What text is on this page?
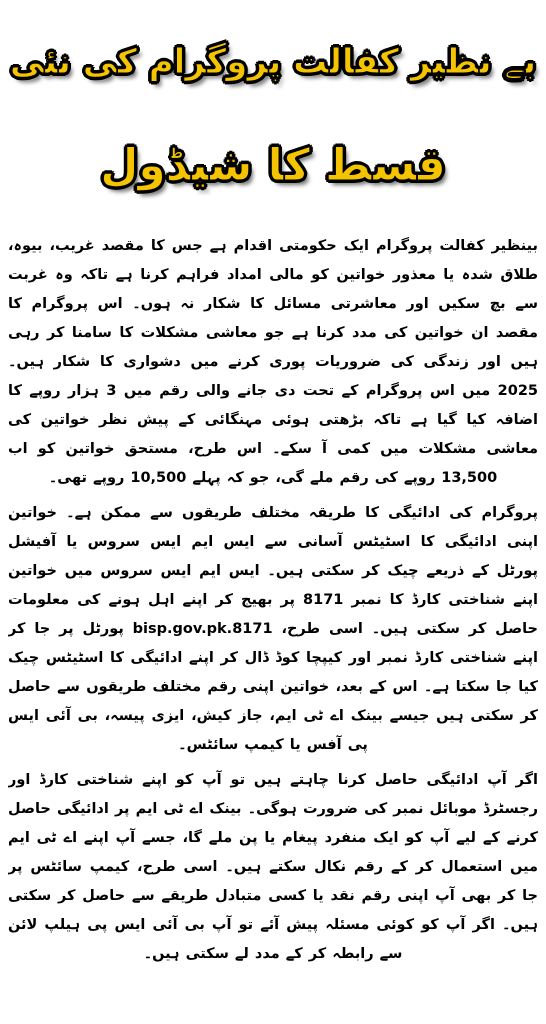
بے نظیر کفالت پروگرام کی نئی
قسط کا شیڈول

بینظیر کفالت پروگرام ایک حکومتی اقدام ہے جس کا مقصد غریب، بیوہ، طلاق شدہ یا معذور خواتین کو مالی امداد فراہم کرنا ہے تاکہ وہ غربت سے بچ سکیں اور معاشرتی مسائل کا شکار نہ ہوں۔ اس پروگرام کا مقصد ان خواتین کی مدد کرنا ہے جو معاشی مشکلات کا سامنا کر رہی ہیں اور زندگی کی ضروریات پوری کرنے میں دشواری کا شکار ہیں۔ 2025 میں اس پروگرام کے تحت دی جانے والی رقم میں 3 ہزار روپے کا اضافہ کیا گیا ہے تاکہ بڑھتی ہوئی مہنگائی کے پیش نظر خواتین کی معاشی مشکلات میں کمی آ سکے۔ اس طرح، مستحق خواتین کو اب 13,500 روپے کی رقم ملے گی، جو کہ پہلے 10,500 روپے تھی۔

پروگرام کی ادائیگی کا طریقہ مختلف طریقوں سے ممکن ہے۔ خواتین اپنی ادائیگی کا اسٹیٹس آسانی سے ایس ایم ایس سروس یا آفیشل پورٹل کے ذریعے چیک کر سکتی ہیں۔ ایس ایم ایس سروس میں خواتین اپنے شناختی کارڈ کا نمبر 8171 پر بھیج کر اپنے اہل ہونے کی معلومات حاصل کر سکتی ہیں۔ اسی طرح، bisp.gov.pk.8171 پورٹل پر جا کر اپنے شناختی کارڈ نمبر اور کیپچا کوڈ ڈال کر اپنے ادائیگی کا اسٹیٹس چیک کیا جا سکتا ہے۔ اس کے بعد، خواتین اپنی رقم مختلف طریقوں سے حاصل کر سکتی ہیں جیسے بینک اے ٹی ایم، جاز کیش، ایزی پیسہ، بی آئی ایس پی آفس یا کیمپ سائٹس۔

اگر آپ ادائیگی حاصل کرنا چاہتے ہیں تو آپ کو اپنے شناختی کارڈ اور رجسٹرڈ موبائل نمبر کی ضرورت ہوگی۔ بینک اے ٹی ایم پر ادائیگی حاصل کرنے کے لیے آپ کو ایک منفرد پیغام یا پن ملے گا، جسے آپ اپنے اے ٹی ایم میں استعمال کر کے رقم نکال سکتے ہیں۔ اسی طرح، کیمپ سائٹس پر جا کر بھی آپ اپنی رقم نقد یا کسی متبادل طریقے سے حاصل کر سکتی ہیں۔ اگر آپ کو کوئی مسئلہ پیش آئے تو آپ بی آئی ایس پی ہیلپ لائن سے رابطہ کر کے مدد لے سکتی ہیں۔
